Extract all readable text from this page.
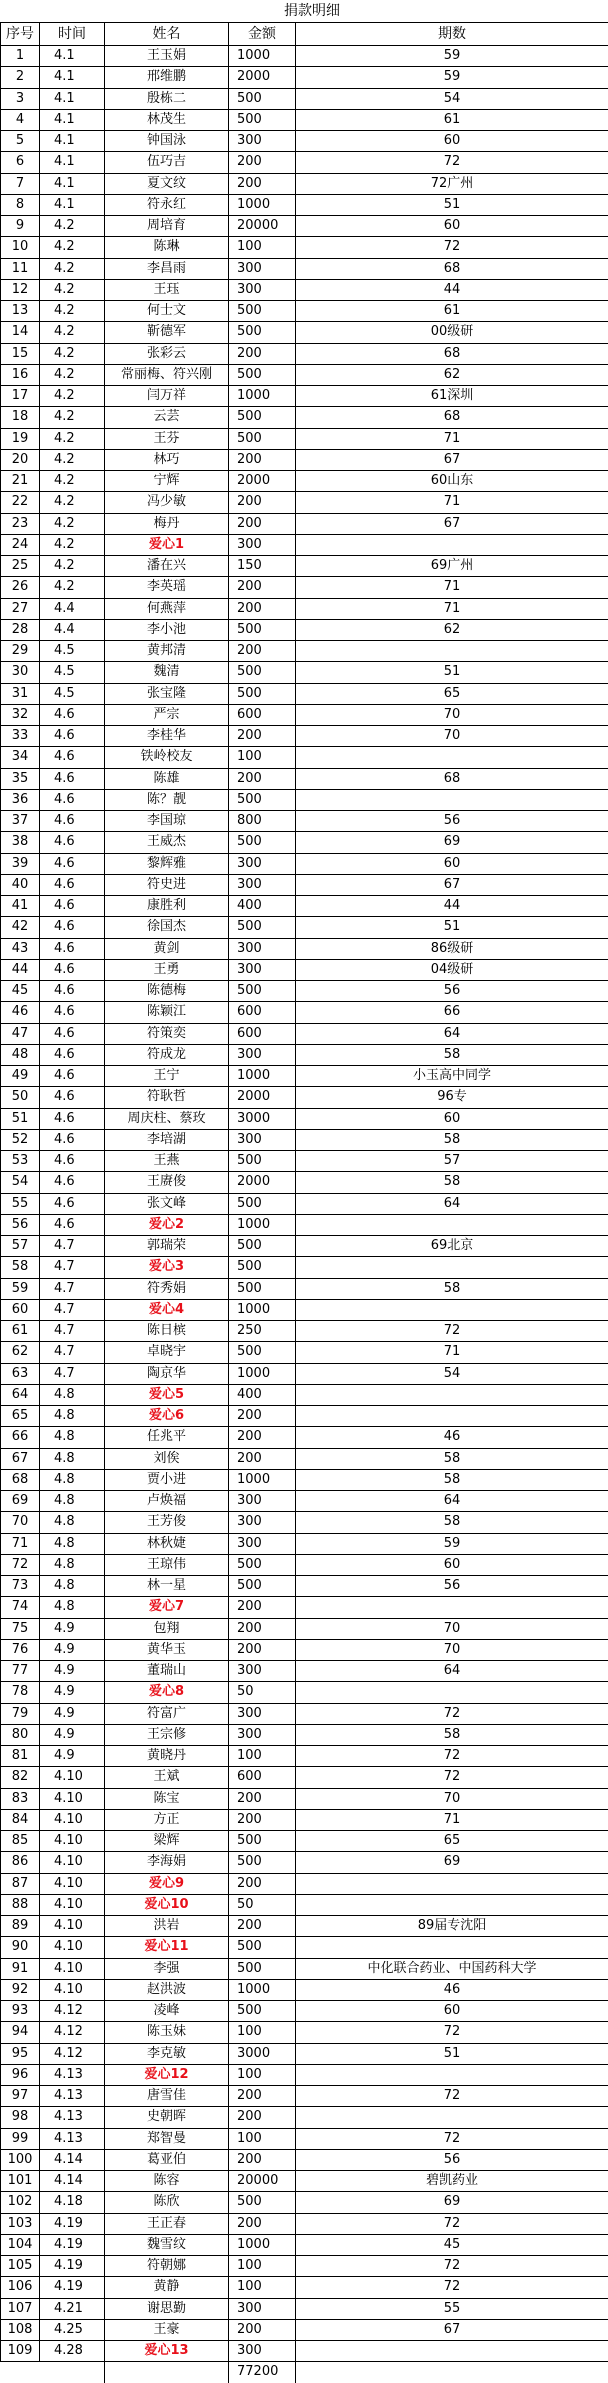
捐款明细
序号	时间	姓名	金额	期数
1	4.1	王玉娟	1000	59
2	4.1	邢维鹏	2000	59
3	4.1	殷栋二	500	54
4	4.1	林茂生	500	61
5	4.1	钟国泳	300	60
6	4.1	伍巧吉	200	72
7	4.1	夏文纹	200	72广州
8	4.1	符永红	1000	51
9	4.2	周培育	20000	60
10	4.2	陈琳	100	72
11	4.2	李昌雨	300	68
12	4.2	王珏	300	44
13	4.2	何士文	500	61
14	4.2	靳德军	500	00级研
15	4.2	张彩云	200	68
16	4.2	常丽梅、符兴刚	500	62
17	4.2	闫万祥	1000	61深圳
18	4.2	云芸	500	68
19	4.2	王芬	500	71
20	4.2	林巧	200	67
21	4.2	宁辉	2000	60山东
22	4.2	冯少敏	200	71
23	4.2	梅丹	200	67
24	4.2	爱心1	300	
25	4.2	潘在兴	150	69广州
26	4.2	李英瑶	200	71
27	4.4	何燕萍	200	71
28	4.4	李小池	500	62
29	4.5	黄邦清	200	
30	4.5	魏清	500	51
31	4.5	张宝隆	500	65
32	4.6	严宗	600	70
33	4.6	李桂华	200	70
34	4.6	铁岭校友	100	
35	4.6	陈雄	200	68
36	4.6	陈？靓	500	
37	4.6	李国琼	800	56
38	4.6	王威杰	500	69
39	4.6	黎辉雅	300	60
40	4.6	符史进	300	67
41	4.6	康胜利	400	44
42	4.6	徐国杰	500	51
43	4.6	黄剑	300	86级研
44	4.6	王勇	300	04级研
45	4.6	陈德梅	500	56
46	4.6	陈颖江	600	66
47	4.6	符策奕	600	64
48	4.6	符成龙	300	58
49	4.6	王宁	1000	小玉高中同学
50	4.6	符耿哲	2000	96专
51	4.6	周庆柱、蔡玫	3000	60
52	4.6	李培湖	300	58
53	4.6	王燕	500	57
54	4.6	王赓俊	2000	58
55	4.6	张文峰	500	64
56	4.6	爱心2	1000	
57	4.7	郭瑞荣	500	69北京
58	4.7	爱心3	500	
59	4.7	符秀娟	500	58
60	4.7	爱心4	1000	
61	4.7	陈日槟	250	72
62	4.7	卓晓宇	500	71
63	4.7	陶京华	1000	54
64	4.8	爱心5	400	
65	4.8	爱心6	200	
66	4.8	任兆平	200	46
67	4.8	刘俟	200	58
68	4.8	贾小进	1000	58
69	4.8	卢焕福	300	64
70	4.8	王芳俊	300	58
71	4.8	林秋婕	300	59
72	4.8	王琼伟	500	60
73	4.8	林一星	500	56
74	4.8	爱心7	200	
75	4.9	包翔	200	70
76	4.9	黄华玉	200	70
77	4.9	董瑞山	300	64
78	4.9	爱心8	50	
79	4.9	符富广	300	72
80	4.9	王宗修	300	58
81	4.9	黄晓丹	100	72
82	4.10	王斌	600	72
83	4.10	陈宝	200	70
84	4.10	方正	200	71
85	4.10	梁辉	500	65
86	4.10	李海娟	500	69
87	4.10	爱心9	200	
88	4.10	爱心10	50	
89	4.10	洪岩	200	89届专沈阳
90	4.10	爱心11	500	
91	4.10	李强	500	中化联合药业、中国药科大学
92	4.10	赵洪波	1000	46
93	4.12	凌峰	500	60
94	4.12	陈玉妹	100	72
95	4.12	李克敏	3000	51
96	4.13	爱心12	100	
97	4.13	唐雪佳	200	72
98	4.13	史朝晖	200	
99	4.13	郑智曼	100	72
100	4.14	葛亚伯	200	56
101	4.14	陈容	20000	碧凯药业
102	4.18	陈欣	500	69
103	4.19	王正春	200	72
104	4.19	魏雪纹	1000	45
105	4.19	符朝娜	100	72
106	4.19	黄静	100	72
107	4.21	谢思勤	300	55
108	4.25	王豪	200	67
109	4.28	爱心13	300	
			77200	
